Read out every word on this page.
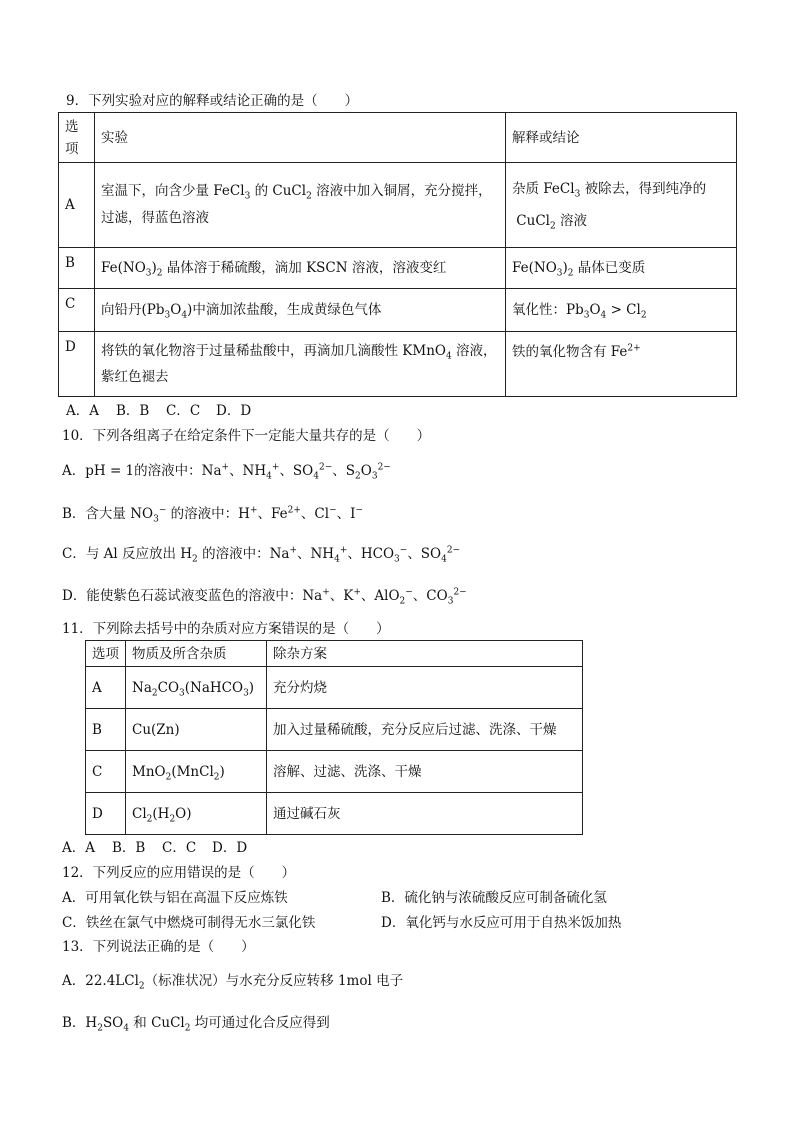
9．下列实验对应的解释或结论正确的是（　　）
选
项	实验	解释或结论
A	室温下，向含少量 FeCl$_3$ 的 CuCl$_2$ 溶液中加入铜屑，充分搅拌，
过滤，得蓝色溶液	杂质 FeCl$_3$ 被除去，得到纯净的
CuCl$_2$ 溶液
B	$Fe(NO_3)_2$ 晶体溶于稀硫酸，滴加 KSCN 溶液，溶液变红	$Fe(NO_3)_2$ 晶体已变质
C	向铅丹$(Pb_3O_4)$中滴加浓盐酸，生成黄绿色气体	氧化性：$Pb_3O_4 > Cl_2$
D	将铁的氧化物溶于过量稀盐酸中，再滴加几滴酸性 KMnO$_4$ 溶液，
紫红色褪去	铁的氧化物含有 $Fe^{2+}$
A．A B．B C．C D．D
10．下列各组离子在给定条件下一定能大量共存的是（　　）
A．pH = 1的溶液中：Na+、$NH_4^+$、$SO_4^{2-}$、$S_2O_3^{2-}$
B．含大量 $NO_3^-$ 的溶液中：H+、$Fe^{2+}$、Cl−、I−
C．与 Al 反应放出 $H_2$ 的溶液中：Na+、$NH_4^+$、$HCO_3^-$、$SO_4^{2-}$
D．能使紫色石蕊试液变蓝色的溶液中：Na+、K+、AlO$_2$−、$CO_3^{2-}$
11．下列除去括号中的杂质对应方案错误的是（　　）
选项	物质及所含杂质	除杂方案
A	$Na_2CO_3(NaHCO_3)$	充分灼烧
B	Cu(Zn)	加入过量稀硫酸，充分反应后过滤、洗涤、干燥
C	MnO$_2$(MnCl$_2$)	溶解、过滤、洗涤、干燥
D	$Cl_2(H_2O)$	通过碱石灰
A．A B．B C．C D．D
12．下列反应的应用错误的是（　　）
A．可用氧化铁与铝在高温下反应炼铁	B．硫化钠与浓硫酸反应可制备硫化氢
C．铁丝在氯气中燃烧可制得无水三氯化铁	D．氧化钙与水反应可用于自热米饭加热
13．下列说法正确的是（　　）
A．22.4LCl$_2$（标准状况）与水充分反应转移 1mol 电子
B．$H_2SO_4$ 和 CuCl$_2$ 均可通过化合反应得到
